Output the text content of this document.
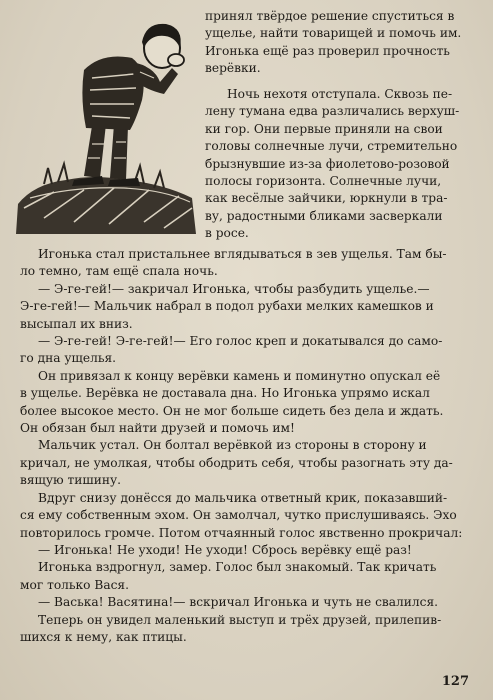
принял твёрдое решение спуститься в
ущелье, найти товарищей и помочь им.
Игонька ещё раз проверил прочность
верёвки.

Ночь нехотя отступала. Сквозь пе-
лену тумана едва различались верхуш-
ки гор. Они первые приняли на свои
головы солнечные лучи, стремительно
брызнувшие из-за фиолетово-розовой
полосы горизонта. Солнечные лучи,
как весёлые зайчики, юркнули в тра-
ву, радостными бликами засверкали
в росе.

Игонька стал пристальнее вглядываться в зев ущелья. Там бы-
ло темно, там ещё спала ночь.
— Э-ге-гей!— закричал Игонька, чтобы разбудить ущелье.—
Э-ге-гей!— Мальчик набрал в подол рубахи мелких камешков и
высыпал их вниз.
— Э-ге-гей! Э-ге-гей!— Его голос креп и докатывался до само-
го дна ущелья.
Он привязал к концу верёвки камень и поминутно опускал её
в ущелье. Верёвка не доставала дна. Но Игонька упрямо искал
более высокое место. Он не мог больше сидеть без дела и ждать.
Он обязан был найти друзей и помочь им!
Мальчик устал. Он болтал верёвкой из стороны в сторону и
кричал, не умолкая, чтобы ободрить себя, чтобы разогнать эту да-
вящую тишину.
Вдруг снизу донёсся до мальчика ответный крик, показавший-
ся ему собственным эхом. Он замолчал, чутко прислушиваясь. Эхо
повторилось громче. Потом отчаянный голос явственно прокричал:
— Игонька! Не уходи! Не уходи! Сбрось верёвку ещё раз!
Игонька вздрогнул, замер. Голос был знакомый. Так кричать
мог только Вася.
— Васька! Васятина!— вскричал Игонька и чуть не свалился.
Теперь он увидел маленький выступ и трёх друзей, прилепив-
шихся к нему, как птицы.
127
